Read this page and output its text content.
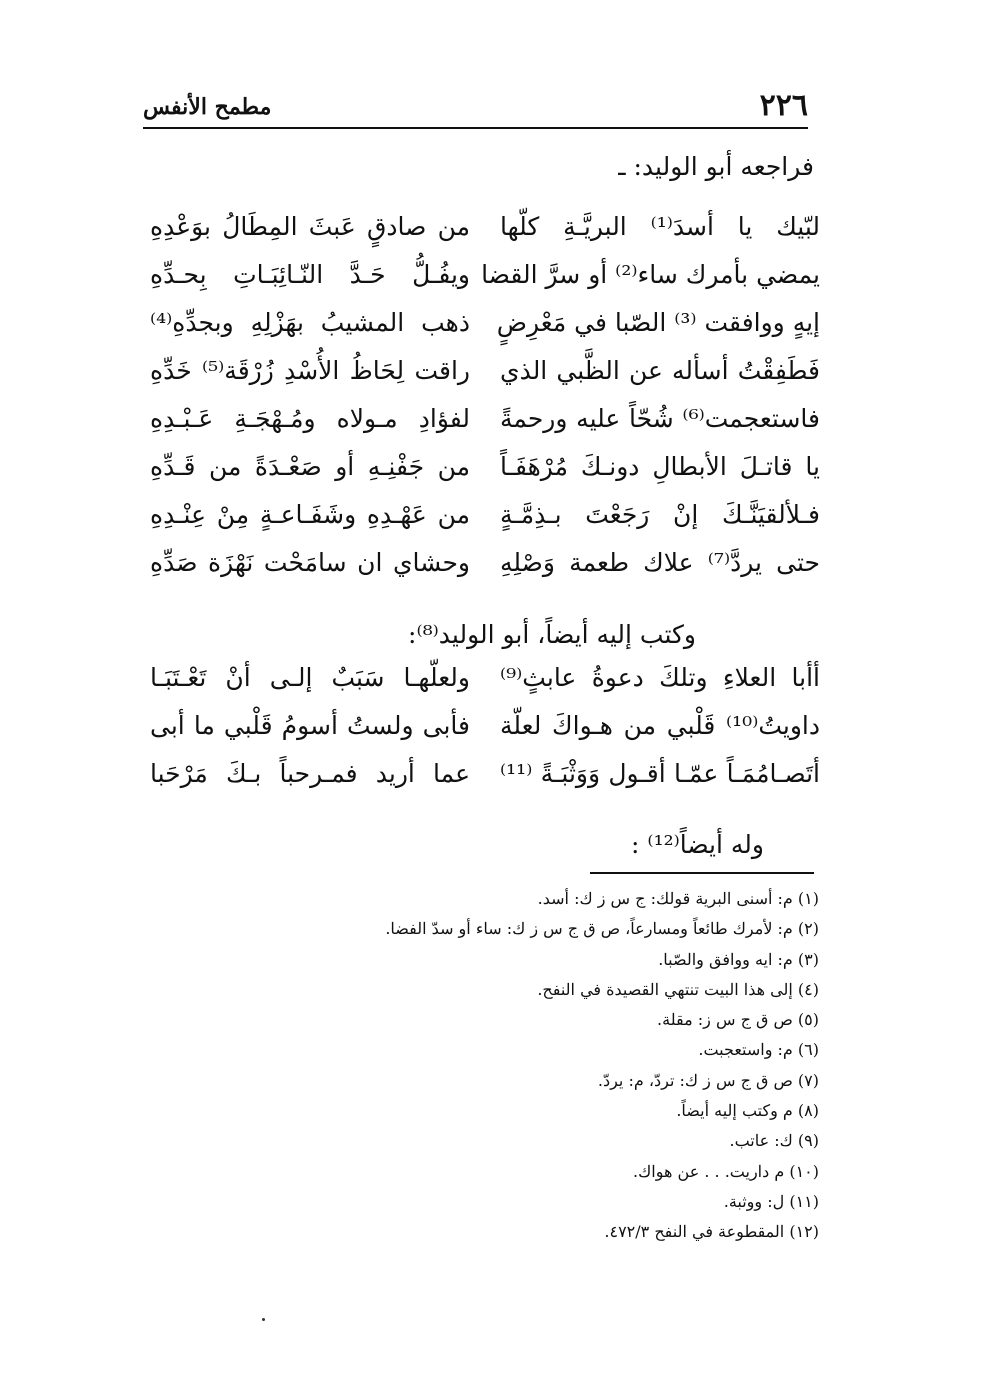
٢٢٦
مطمح الأنفس
فراجعه أبو الوليد: ـ
لبّيك يا أسدَ⁽¹⁾ البريَّـةِ كلّها
من صادقٍ عَبثَ المِطَالُ بوَعْدِهِ
يمضي بأمرك ساء⁽²⁾ أو سرَّ القضا
ويفُـلُّ حَـدَّ النّـائِبَـاتِ بِحـدِّهِ
إيهٍ ووافقت ⁽³⁾ الصّبا في مَعْرِضٍ
ذهب المشيبُ بهَزْلِهِ وبجدِّهِ⁽⁴⁾
فَطَفِقْتُ أسأله عن الظَّبي الذي
راقت لِحَاظُ الأُسْدِ زُرْقَة⁽⁵⁾ خَدِّهِ
فاستعجمت⁽⁶⁾ شُحّاً عليه ورحمةً
لفؤادِ مـولاه ومُـهْجَـةِ عَـبْـدِهِ
يا قاتـلَ الأبطالِ دونـكَ مُرْهَفَـاً
من جَفْنِـهِ أو صَعْـدَةً من قَـدِّهِ
فـلألقيَنَّـكَ إنْ رَجَعْتَ بـذِمَّـةٍ
من عَهْـدِهِ وشَفَـاعـةٍ مِنْ عِنْـدِهِ
حتى يردَّ⁽⁷⁾ علاك طعمة وَصْلِهِ
وحشاي ان سامَحْت نَهْزَة صَدِّهِ
وكتب إليه أيضاً، أبو الوليد⁽⁸⁾:
أأبا العلاءِ وتلكَ دعوةُ عابثٍ⁽⁹⁾
ولعلّهـا سَبَبٌ إلـى أنْ تَعْـتَبَـا
داويتُ⁽¹⁰⁾ قَلْبي من هـواكَ لعلّة
فأبى ولستُ أسومُ قَلْبي ما أبى
أتَصـامُمَـاً عمّـا أقـول وَوَثْبَـةً ⁽¹¹⁾
عما أريد فمـرحباً بـكَ مَرْحَبا
وله أيضاً⁽¹²⁾ :
(١) م: أسنى البرية قولك: ج س ز ك: أسد.
(٢) م: لأمرك طائعاً ومسارعاً، ص ق ج س ز ك: ساء أو سدّ الفضا.
(٣) م: ايه ووافق والصّبا.
(٤) إلى هذا البيت تنتهي القصيدة في النفح.
(٥) ص ق ج س ز: مقلة.
(٦) م: واستعجبت.
(٧) ص ق ج س ز ك: تردّ، م: يردّ.
(٨) م وكتب إليه أيضاً.
(٩) ك: عاتب.
(١٠) م داريت. . . عن هواك.
(١١) ل: ووثبة.
(١٢) المقطوعة في النفح ٤٧٢/٣.
